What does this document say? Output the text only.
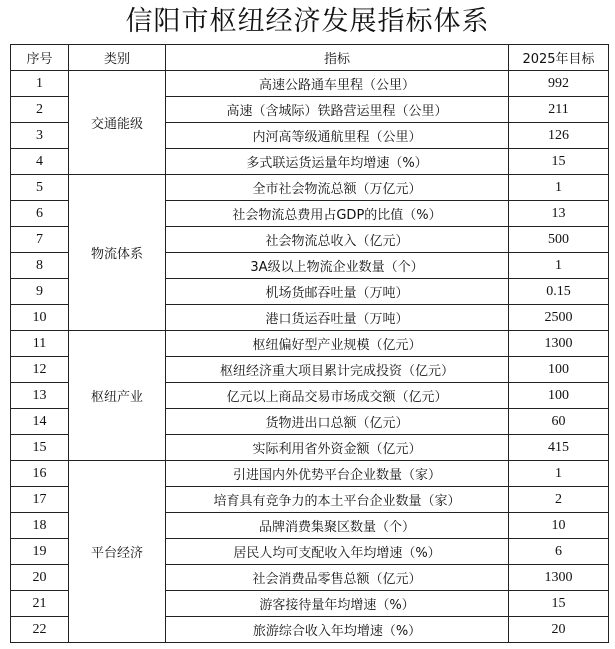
信阳市枢纽经济发展指标体系
序号	类别	指标	2025年目标
1	交通能级	高速公路通车里程（公里）	992
2		高速（含城际）铁路营运里程（公里）	211
3		内河高等级通航里程（公里）	126
4		多式联运货运量年均增速（%）	15
5	物流体系	全市社会物流总额（万亿元）	1
6		社会物流总费用占GDP的比值（%）	13
7		社会物流总收入（亿元）	500
8		3A级以上物流企业数量（个）	1
9		机场货邮吞吐量（万吨）	0.15
10		港口货运吞吐量（万吨）	2500
11	枢纽产业	枢纽偏好型产业规模（亿元）	1300
12		枢纽经济重大项目累计完成投资（亿元）	100
13		亿元以上商品交易市场成交额（亿元）	100
14		货物进出口总额（亿元）	60
15		实际利用省外资金额（亿元）	415
16	平台经济	引进国内外优势平台企业数量（家）	1
17		培育具有竞争力的本土平台企业数量（家）	2
18		品牌消费集聚区数量（个）	10
19		居民人均可支配收入年均增速（%）	6
20		社会消费品零售总额（亿元）	1300
21		游客接待量年均增速（%）	15
22		旅游综合收入年均增速（%）	20
